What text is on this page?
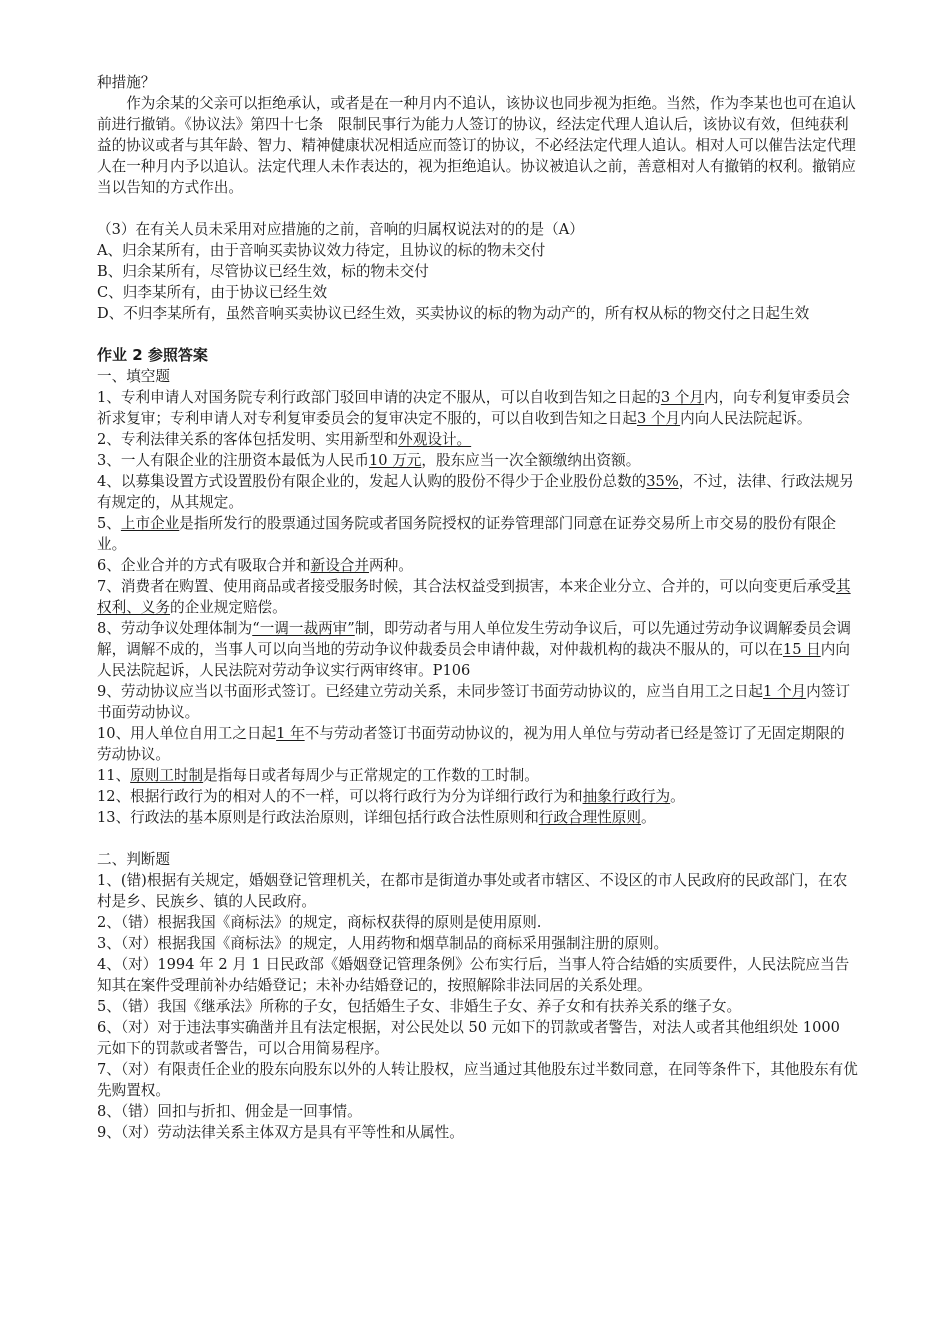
种措施？

作为余某的父亲可以拒绝承认，或者是在一种月内不追认，该协议也同步视为拒绝。当然，作为李某也也可在追认前进行撤销。《协议法》第四十七条　限制民事行为能力人签订的协议，经法定代理人追认后，该协议有效，但纯获利益的协议或者与其年龄、智力、精神健康状况相适应而签订的协议，不必经法定代理人追认。相对人可以催告法定代理人在一种月内予以追认。法定代理人未作表达的，视为拒绝追认。协议被追认之前，善意相对人有撤销的权利。撤销应当以告知的方式作出。

（3）在有关人员未采用对应措施的之前，音响的归属权说法对的的是（A）

A、归余某所有，由于音响买卖协议效力待定，且协议的标的物未交付

B、归余某所有，尽管协议已经生效，标的物未交付

C、归李某所有，由于协议已经生效

D、不归李某所有，虽然音响买卖协议已经生效，买卖协议的标的物为动产的，所有权从标的物交付之日起生效

作业 2 参照答案

一、填空题

1、专利申请人对国务院专利行政部门驳回申请的决定不服从，可以自收到告知之日起的3 个月内，向专利复审委员会祈求复审；专利申请人对专利复审委员会的复审决定不服的，可以自收到告知之日起3 个月内向人民法院起诉。

2、专利法律关系的客体包括发明、实用新型和外观设计。

3、一人有限企业的注册资本最低为人民币10 万元，股东应当一次全额缴纳出资额。

4、以募集设置方式设置股份有限企业的，发起人认购的股份不得少于企业股份总数的35%，不过，法律、行政法规另有规定的，从其规定。

5、上市企业是指所发行的股票通过国务院或者国务院授权的证券管理部门同意在证券交易所上市交易的股份有限企业。

6、企业合并的方式有吸取合并和新设合并两种。

7、消费者在购置、使用商品或者接受服务时候，其合法权益受到损害，本来企业分立、合并的，可以向变更后承受其权利、义务的企业规定赔偿。

8、劳动争议处理体制为“一调一裁两审”制，即劳动者与用人单位发生劳动争议后，可以先通过劳动争议调解委员会调解，调解不成的，当事人可以向当地的劳动争议仲裁委员会申请仲裁，对仲裁机构的裁决不服从的，可以在15 日内向人民法院起诉，人民法院对劳动争议实行两审终审。P106

9、劳动协议应当以书面形式签订。已经建立劳动关系，未同步签订书面劳动协议的，应当自用工之日起1 个月内签订书面劳动协议。

10、用人单位自用工之日起1 年不与劳动者签订书面劳动协议的，视为用人单位与劳动者已经是签订了无固定期限的劳动协议。

11、原则工时制是指每日或者每周少与正常规定的工作数的工时制。

12、根据行政行为的相对人的不一样，可以将行政行为分为详细行政行为和抽象行政行为。

13、行政法的基本原则是行政法治原则，详细包括行政合法性原则和行政合理性原则。

二、判断题

1、(错)根据有关规定，婚姻登记管理机关，在都市是街道办事处或者市辖区、不设区的市人民政府的民政部门，在农村是乡、民族乡、镇的人民政府。

2、（错）根据我国《商标法》的规定，商标权获得的原则是使用原则.

3、（对）根据我国《商标法》的规定，人用药物和烟草制品的商标采用强制注册的原则。

4、（对）1994 年 2 月 1 日民政部《婚姻登记管理条例》公布实行后，当事人符合结婚的实质要件，人民法院应当告知其在案件受理前补办结婚登记；未补办结婚登记的，按照解除非法同居的关系处理。

5、（错）我国《继承法》所称的子女，包括婚生子女、非婚生子女、养子女和有扶养关系的继子女。

6、（对）对于违法事实确凿并且有法定根据，对公民处以 50 元如下的罚款或者警告，对法人或者其他组织处 1000 元如下的罚款或者警告，可以合用简易程序。

7、（对）有限责任企业的股东向股东以外的人转让股权，应当通过其他股东过半数同意，在同等条件下，其他股东有优先购置权。

8、（错）回扣与折扣、佣金是一回事情。

9、（对）劳动法律关系主体双方是具有平等性和从属性。
